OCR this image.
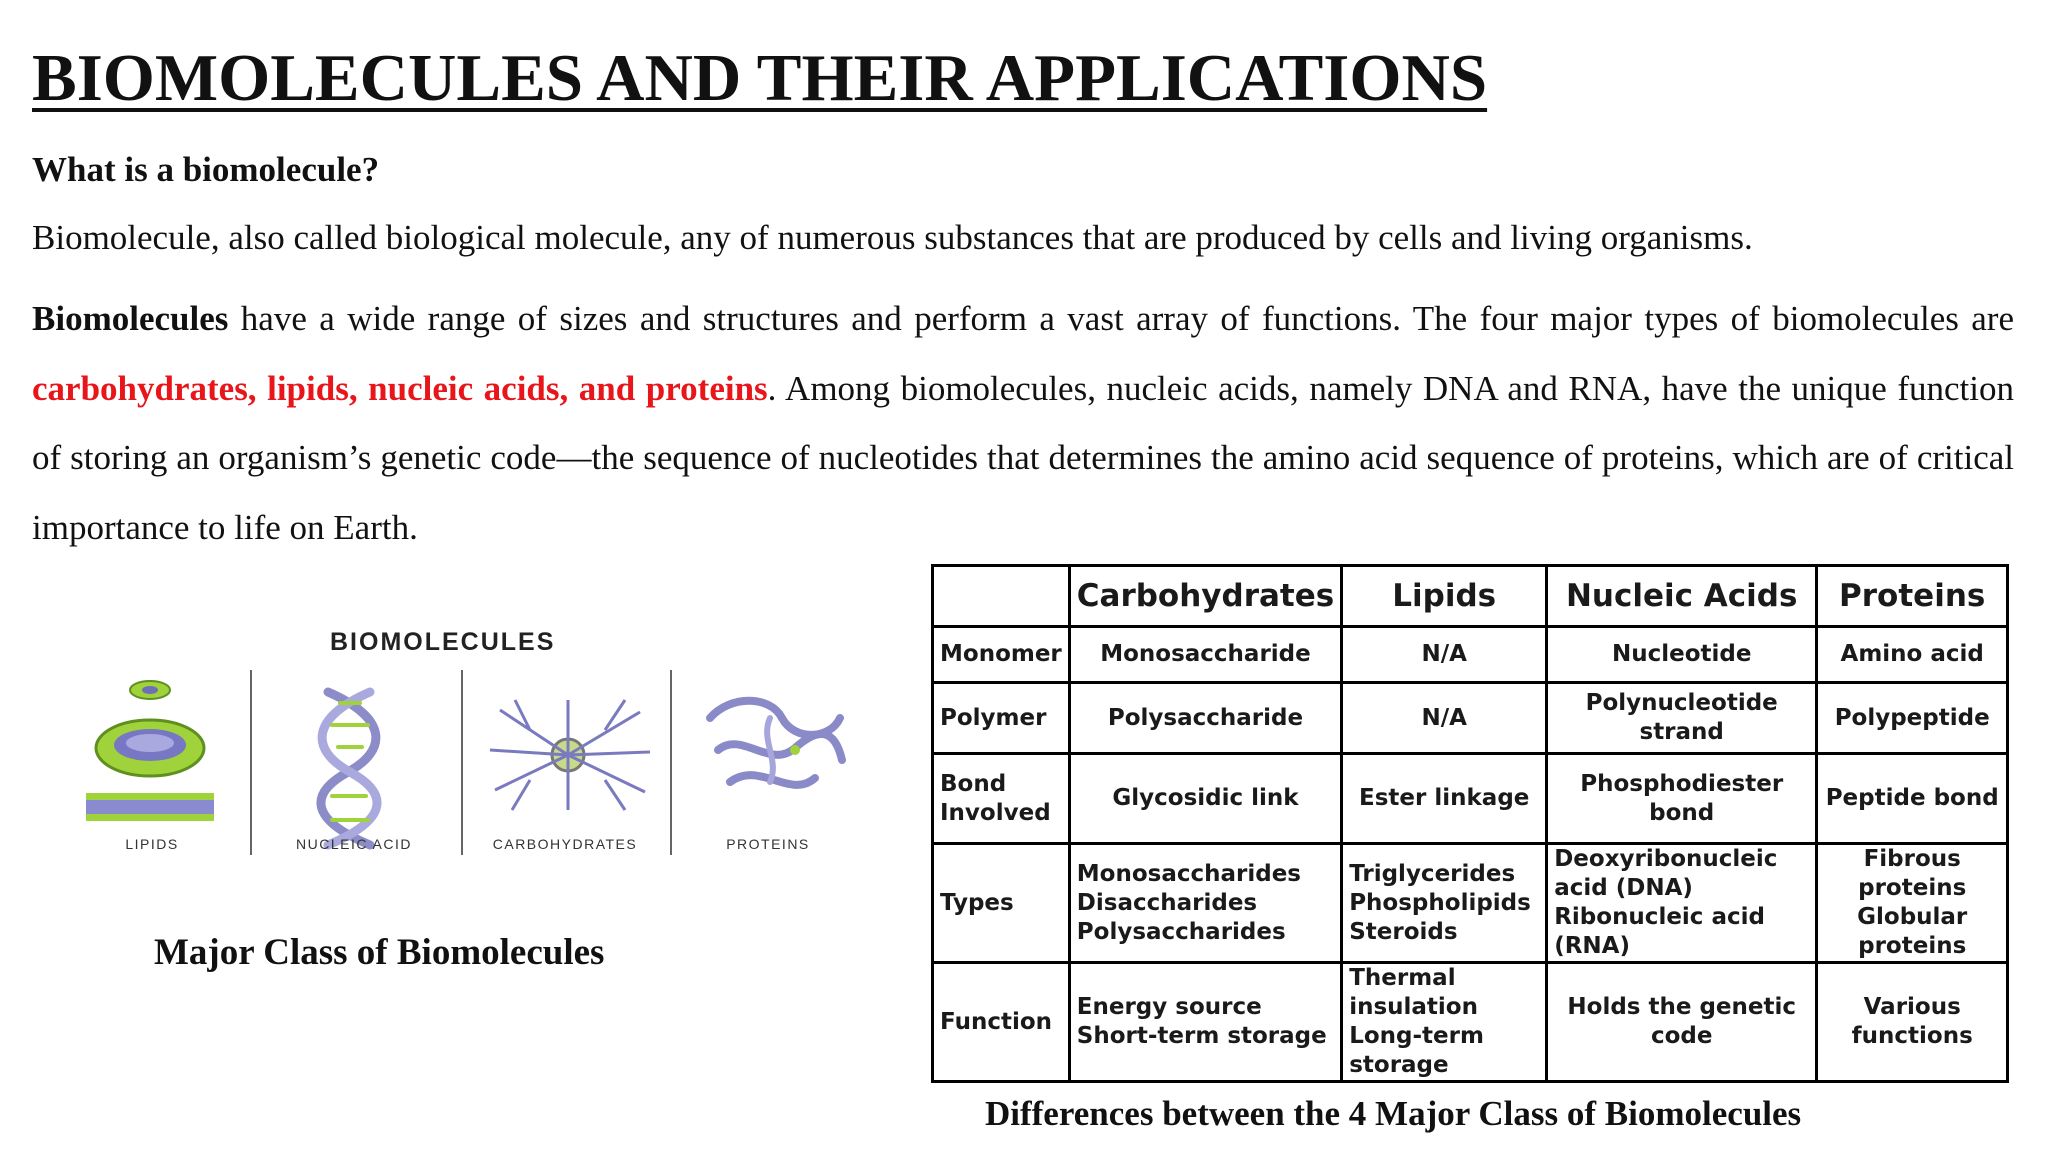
BIOMOLECULES AND THEIR APPLICATIONS
What is a biomolecule?
Biomolecule, also called biological molecule, any of numerous substances that are produced by cells and living organisms.

Biomolecules have a wide range of sizes and structures and perform a vast array of functions. The four major types of biomolecules are carbohydrates, lipids, nucleic acids, and proteins. Among biomolecules, nucleic acids, namely DNA and RNA, have the unique function of storing an organism’s genetic code—the sequence of nucleotides that determines the amino acid sequence of proteins, which are of critical importance to life on Earth.

BIOMOLECULES
LIPIDS	NUCLEIC ACID	CARBOHYDRATES	PROTEINS
Major Class of Biomolecules
	Carbohydrates	Lipids	Nucleic Acids	Proteins
Monomer	Monosaccharide	N/A	Nucleotide	Amino acid
Polymer	Polysaccharide	N/A	Polynucleotide strand	Polypeptide
Bond Involved	Glycosidic link	Ester linkage	Phosphodiester bond	Peptide bond
Types	Monosaccharides Disaccharides Polysaccharides	Triglycerides Phospholipids Steroids	Deoxyribonucleic acid (DNA) Ribonucleic acid (RNA)	Fibrous proteins Globular proteins
Function	Energy source Short-term storage	Thermal insulation Long-term storage	Holds the genetic code	Various functions
Differences between the 4 Major Class of Biomolecules
